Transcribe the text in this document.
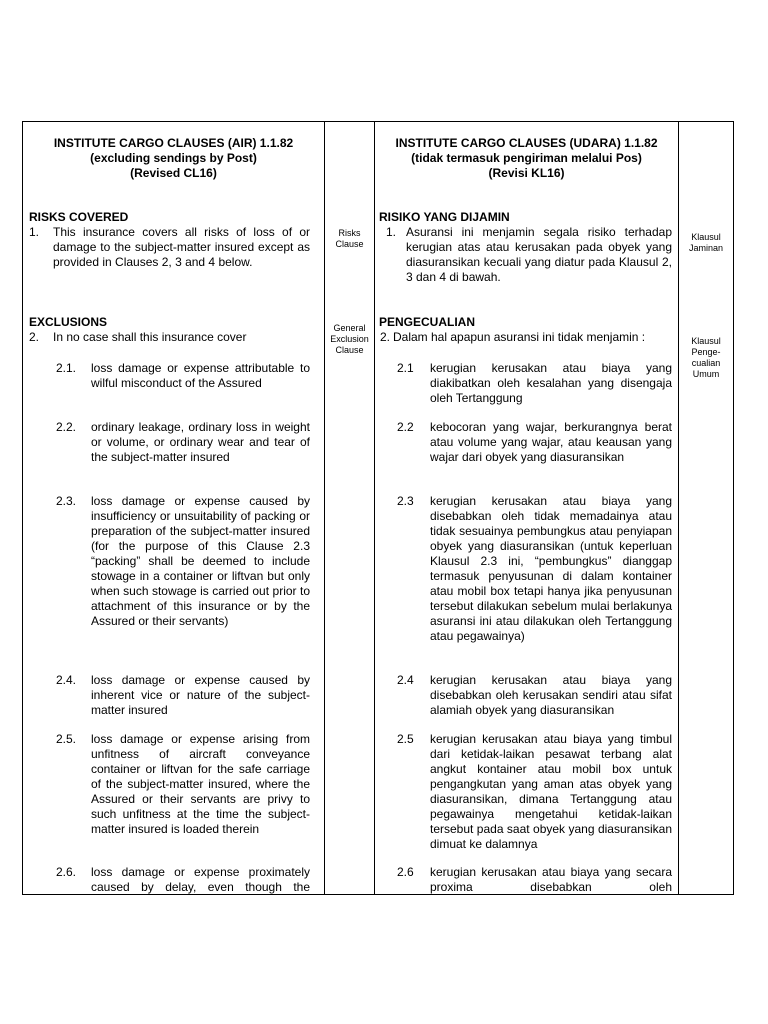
INSTITUTE CARGO CLAUSES (AIR) 1.1.82
(excluding sendings by Post)
(Revised CL16)
RISKS COVERED
1. This insurance covers all risks of loss of or damage to the subject-matter insured except as provided in Clauses 2, 3 and 4 below.
EXCLUSIONS
2. In no case shall this insurance cover
2.1. loss damage or expense attributable to wilful misconduct of the Assured
2.2. ordinary leakage, ordinary loss in weight or volume, or ordinary wear and tear of the subject-matter insured
2.3. loss damage or expense caused by insufficiency or unsuitability of packing or preparation of the subject-matter insured (for the purpose of this Clause 2.3 “packing” shall be deemed to include stowage in a container or liftvan but only when such stowage is carried out prior to attachment of this insurance or by the Assured or their servants)
2.4. loss damage or expense caused by inherent vice or nature of the subject-matter insured
2.5. loss damage or expense arising from unfitness of aircraft conveyance container or liftvan for the safe carriage of the subject-matter insured, where the Assured or their servants are privy to such unfitness at the time the subject-matter insured is loaded therein
2.6. loss damage or expense proximately caused by delay, even though the
Risks
Clause
General
Exclusion
Clause
INSTITUTE CARGO CLAUSES (UDARA) 1.1.82
(tidak termasuk pengiriman melalui Pos)
(Revisi KL16)
RISIKO YANG DIJAMIN
1. Asuransi ini menjamin segala risiko terhadap kerugian atas atau kerusakan pada obyek yang diasuransikan kecuali yang diatur pada Klausul 2, 3 dan 4 di bawah.
PENGECUALIAN
2. Dalam hal apapun asuransi ini tidak menjamin :
2.1 kerugian kerusakan atau biaya yang diakibatkan oleh kesalahan yang disengaja oleh Tertanggung
2.2 kebocoran yang wajar, berkurangnya berat atau volume yang wajar, atau keausan yang wajar dari obyek yang diasuransikan
2.3 kerugian kerusakan atau biaya yang disebabkan oleh tidak memadainya atau tidak sesuainya pembungkus atau penyiapan obyek yang diasuransikan (untuk keperluan Klausul 2.3 ini, “pembungkus” dianggap termasuk penyusunan di dalam kontainer atau mobil box tetapi hanya jika penyusunan tersebut dilakukan sebelum mulai berlakunya asuransi ini atau dilakukan oleh Tertanggung atau pegawainya)
2.4 kerugian kerusakan atau biaya yang disebabkan oleh kerusakan sendiri atau sifat alamiah obyek yang diasuransikan
2.5 kerugian kerusakan atau biaya yang timbul dari ketidak-laikan pesawat terbang alat angkut kontainer atau mobil box untuk pengangkutan yang aman atas obyek yang diasuransikan, dimana Tertanggung atau pegawainya mengetahui ketidak-laikan tersebut pada saat obyek yang diasuransikan dimuat ke dalamnya
2.6 kerugian kerusakan atau biaya yang secara proxima disebabkan oleh
Klausul
Jaminan
Klausul
Penge-
cualian
Umum
